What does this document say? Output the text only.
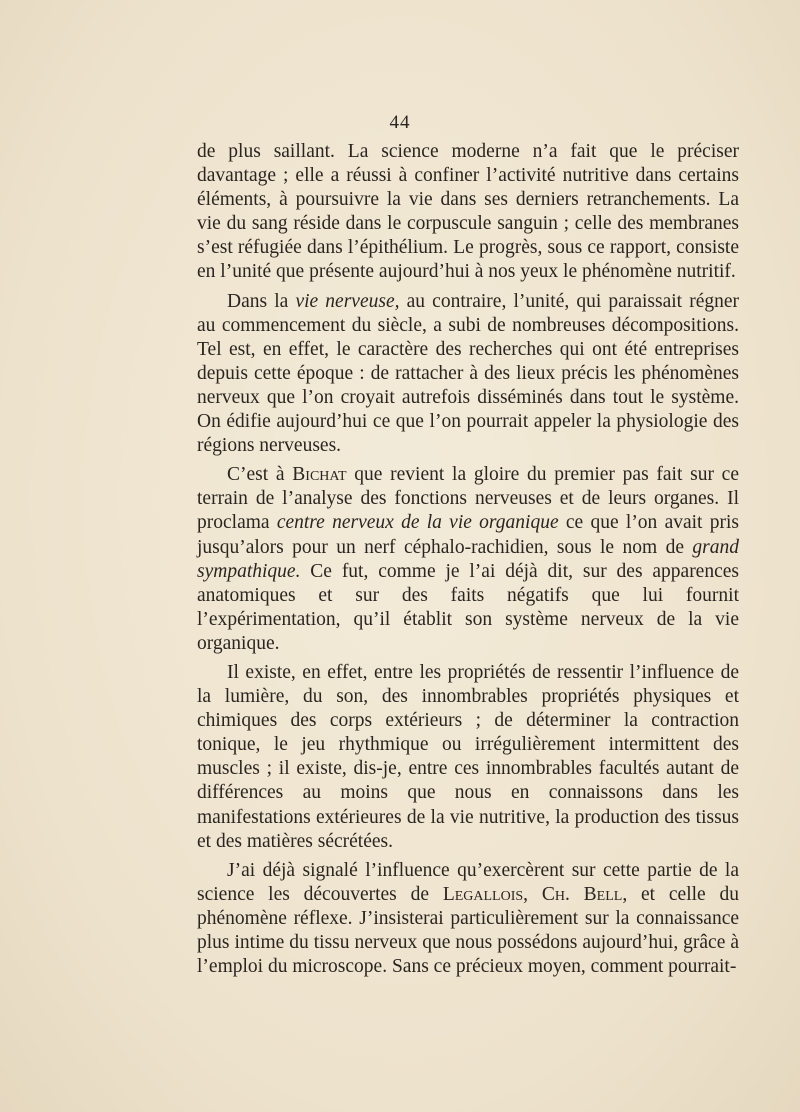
44

de plus saillant. La science moderne n’a fait que le préciser davantage ; elle a réussi à confiner l’activité nutritive dans certains éléments, à poursuivre la vie dans ses derniers retranchements. La vie du sang réside dans le corpuscule sanguin ; celle des membranes s’est réfugiée dans l’épithélium. Le progrès, sous ce rapport, consiste en l’unité que présente aujourd’hui à nos yeux le phénomène nutritif.

Dans la vie nerveuse, au contraire, l’unité, qui paraissait régner au commencement du siècle, a subi de nombreuses décompositions. Tel est, en effet, le caractère des recherches qui ont été entreprises depuis cette époque : de rattacher à des lieux précis les phénomènes nerveux que l’on croyait autrefois disséminés dans tout le système. On édifie aujourd’hui ce que l’on pourrait appeler la physiologie des régions nerveuses.

C’est à Bichat que revient la gloire du premier pas fait sur ce terrain de l’analyse des fonctions nerveuses et de leurs organes. Il proclama centre nerveux de la vie organique ce que l’on avait pris jusqu’alors pour un nerf céphalo-rachidien, sous le nom de grand sympathique. Ce fut, comme je l’ai déjà dit, sur des apparences anatomiques et sur des faits négatifs que lui fournit l’expérimentation, qu’il établit son système nerveux de la vie organique.

Il existe, en effet, entre les propriétés de ressentir l’influence de la lumière, du son, des innombrables propriétés physiques et chimiques des corps extérieurs ; de déterminer la contraction tonique, le jeu rhythmique ou irrégulièrement intermittent des muscles ; il existe, dis-je, entre ces innombrables facultés autant de différences au moins que nous en connaissons dans les manifestations extérieures de la vie nutritive, la production des tissus et des matières sécrétées.

J’ai déjà signalé l’influence qu’exercèrent sur cette partie de la science les découvertes de Legallois, Ch. Bell, et celle du phénomène réflexe. J’insisterai particulièrement sur la connaissance plus intime du tissu nerveux que nous possédons aujourd’hui, grâce à l’emploi du microscope. Sans ce précieux moyen, comment pourrait-
